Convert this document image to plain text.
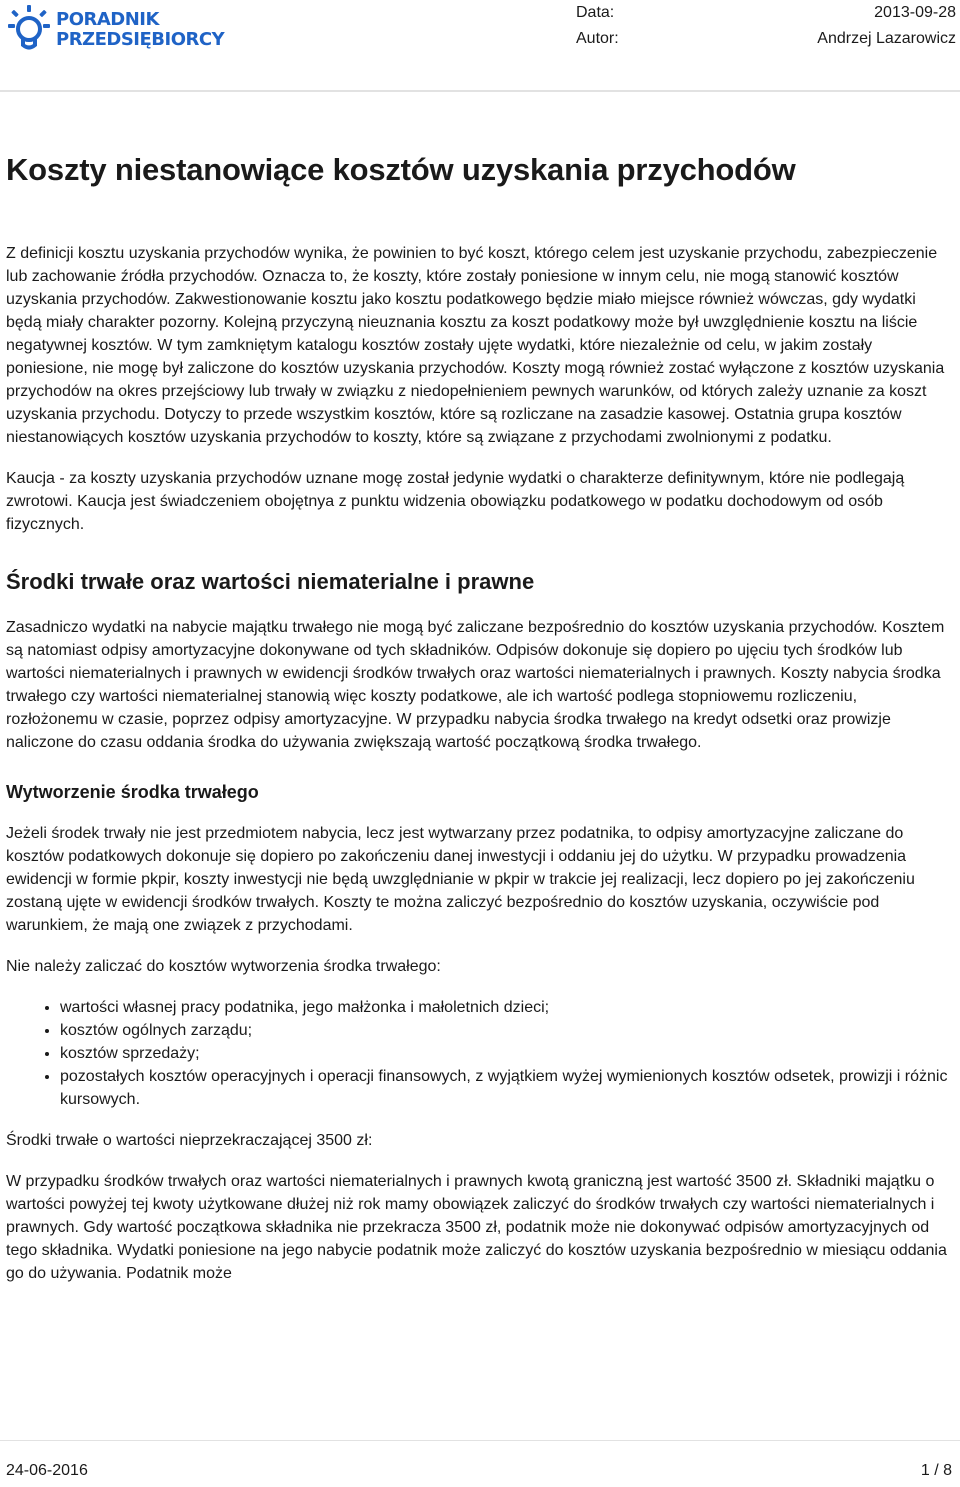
PORADNIK
PRZEDSIĘBIORCY
Data:	2013-09-28
Autor:	Andrzej Lazarowicz
Koszty niestanowiące kosztów uzyskania przychodów

Z definicji kosztu uzyskania przychodów wynika, że powinien to być koszt, którego celem jest uzyskanie przychodu, zabezpieczenie lub zachowanie źródła przychodów. Oznacza to, że koszty, które zostały poniesione w innym celu, nie mogą stanowić kosztów uzyskania przychodów. Zakwestionowanie kosztu jako kosztu podatkowego będzie miało miejsce również wówczas, gdy wydatki będą miały charakter pozorny. Kolejną przyczyną nieuznania kosztu za koszt podatkowy może był uwzględnienie kosztu na liście negatywnej kosztów. W tym zamkniętym katalogu kosztów zostały ujęte wydatki, które niezależnie od celu, w jakim zostały poniesione, nie mogę był zaliczone do kosztów uzyskania przychodów. Koszty mogą również zostać wyłączone z kosztów uzyskania przychodów na okres przejściowy lub trwały w związku z niedopełnieniem pewnych warunków, od których zależy uznanie za koszt uzyskania przychodu. Dotyczy to przede wszystkim kosztów, które są rozliczane na zasadzie kasowej. Ostatnia grupa kosztów niestanowiących kosztów uzyskania przychodów to koszty, które są związane z przychodami zwolnionymi z podatku.

Kaucja - za koszty uzyskania przychodów uznane mogę został jedynie wydatki o charakterze definitywnym, które nie podlegają zwrotowi. Kaucja jest świadczeniem obojętnya z punktu widzenia obowiązku podatkowego w podatku dochodowym od osób fizycznych.

Środki trwałe oraz wartości niematerialne i prawne

Zasadniczo wydatki na nabycie majątku trwałego nie mogą być zaliczane bezpośrednio do kosztów uzyskania przychodów. Kosztem są natomiast odpisy amortyzacyjne dokonywane od tych składników. Odpisów dokonuje się dopiero po ujęciu tych środków lub wartości niematerialnych i prawnych w ewidencji środków trwałych oraz wartości niematerialnych i prawnych. Koszty nabycia środka trwałego czy wartości niematerialnej stanowią więc koszty podatkowe, ale ich wartość podlega stopniowemu rozliczeniu, rozłożonemu w czasie, poprzez odpisy amortyzacyjne. W przypadku nabycia środka trwałego na kredyt odsetki oraz prowizje naliczone do czasu oddania środka do używania zwiększają wartość początkową środka trwałego.

Wytworzenie środka trwałego

Jeżeli środek trwały nie jest przedmiotem nabycia, lecz jest wytwarzany przez podatnika, to odpisy amortyzacyjne zaliczane do kosztów podatkowych dokonuje się dopiero po zakończeniu danej inwestycji i oddaniu jej do użytku. W przypadku prowadzenia ewidencji w formie pkpir, koszty inwestycji nie będą uwzględnianie w pkpir w trakcie jej realizacji, lecz dopiero po jej zakończeniu zostaną ujęte w ewidencji środków trwałych. Koszty te można zaliczyć bezpośrednio do kosztów uzyskania, oczywiście pod warunkiem, że mają one związek z przychodami.

Nie należy zaliczać do kosztów wytworzenia środka trwałego:

• wartości własnej pracy podatnika, jego małżonka i małoletnich dzieci;
• kosztów ogólnych zarządu;
• kosztów sprzedaży;
• pozostałych kosztów operacyjnych i operacji finansowych, z wyjątkiem wyżej wymienionych kosztów odsetek, prowizji i różnic kursowych.

Środki trwałe o wartości nieprzekraczającej 3500 zł:

W przypadku środków trwałych oraz wartości niematerialnych i prawnych kwotą graniczną jest wartość 3500 zł. Składniki majątku o wartości powyżej tej kwoty użytkowane dłużej niż rok mamy obowiązek zaliczyć do środków trwałych czy wartości niematerialnych i prawnych. Gdy wartość początkowa składnika nie przekracza 3500 zł, podatnik może nie dokonywać odpisów amortyzacyjnych od tego składnika. Wydatki poniesione na jego nabycie podatnik może zaliczyć do kosztów uzyskania bezpośrednio w miesiącu oddania go do używania. Podatnik może

24-06-2016	1 / 8
